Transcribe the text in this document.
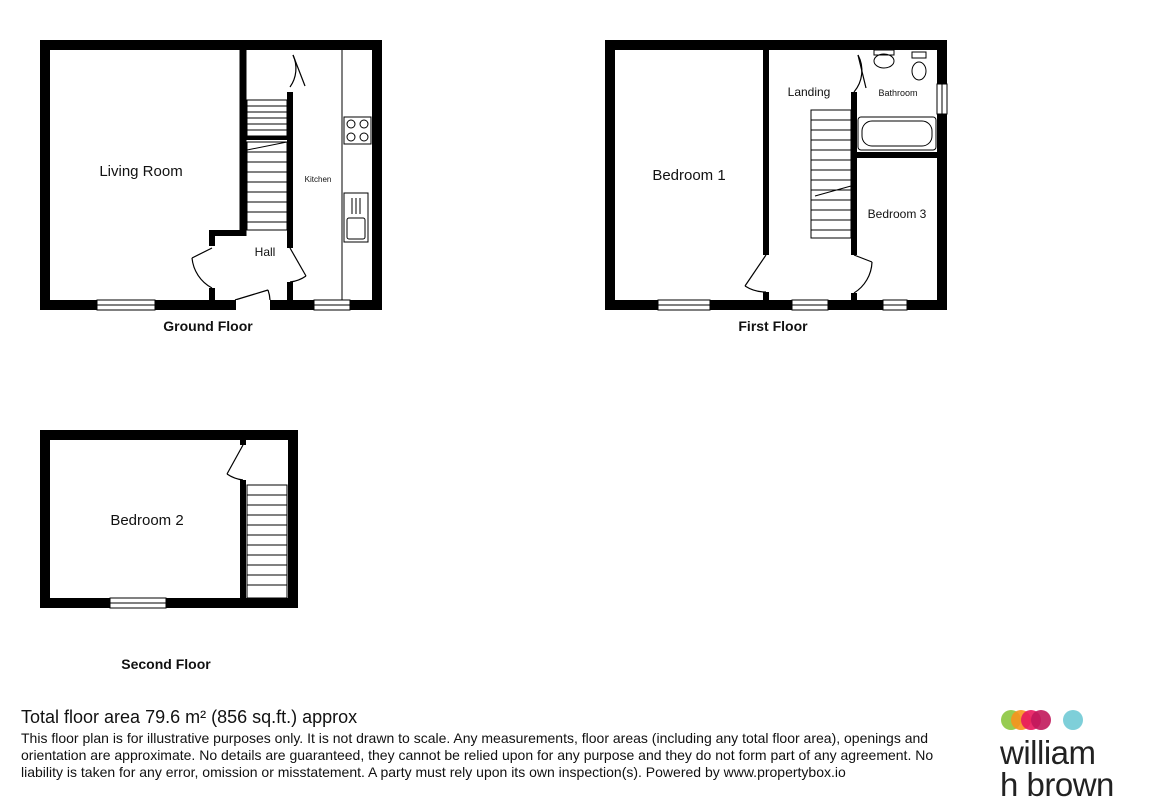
Living Room	Kitchen
Hall
Ground Floor
Bedroom 1
Landing	Bathroom
Bedroom 3
First Floor
Bedroom 2
Second Floor
Total floor area 79.6 m² (856 sq.ft.) approx
This floor plan is for illustrative purposes only. It is not drawn to scale. Any measurements, floor areas (including any total floor area), openings and orientation are approximate. No details are guaranteed, they cannot be relied upon for any purpose and they do not form part of any agreement. No liability is taken for any error, omission or misstatement. A party must rely upon its own inspection(s). Powered by www.propertybox.io
william
h brown
